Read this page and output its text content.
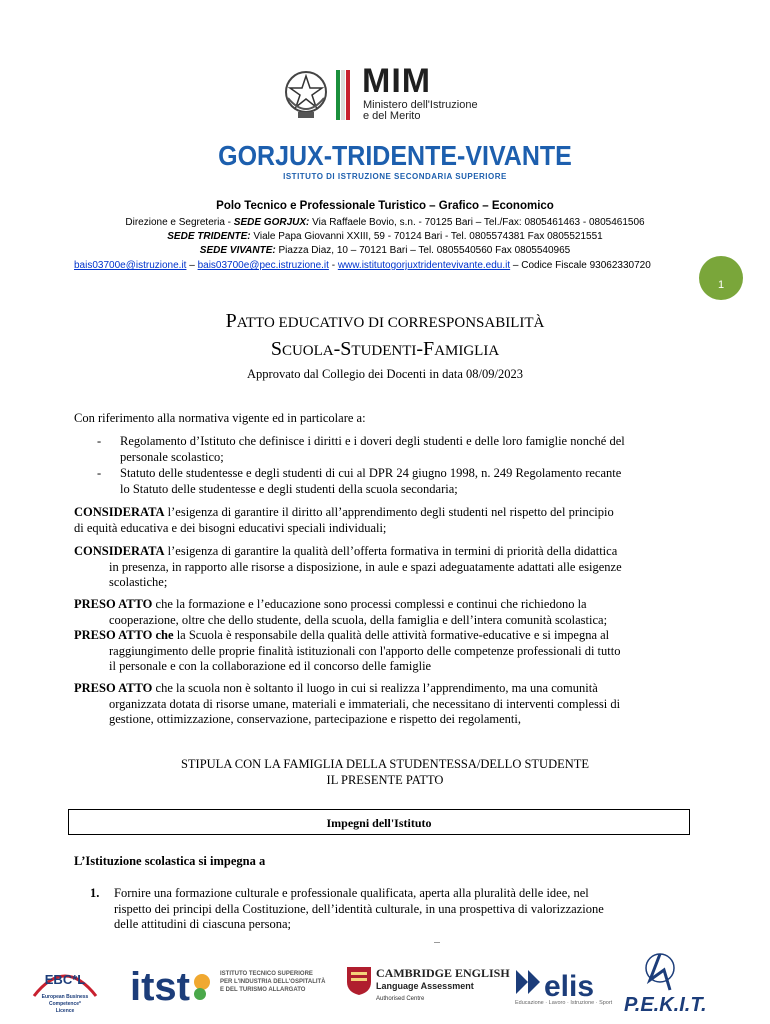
MIM
Ministero dell'Istruzione
e del Merito
GORJUX-TRIDENTE-VIVANTE
ISTITUTO DI ISTRUZIONE SECONDARIA SUPERIORE
Polo Tecnico e Professionale Turistico – Grafico – Economico
Direzione e Segreteria - SEDE GORJUX: Via Raffaele Bovio, s.n. - 70125 Bari – Tel./Fax: 0805461463 - 0805461506
SEDE TRIDENTE: Viale Papa Giovanni XXIII, 59 - 70124 Bari - Tel. 0805574381 Fax 0805521551
SEDE VIVANTE: Piazza Diaz, 10 – 70121 Bari – Tel. 0805540560 Fax 0805540965
bais03700e@istruzione.it – bais03700e@pec.istruzione.it - www.istitutogorjuxtridentevivante.edu.it – Codice Fiscale 93062330720
1
PATTO EDUCATIVO DI CORRESPONSABILITÀ
SCUOLA-STUDENTI-FAMIGLIA
Approvato dal Collegio dei Docenti in data 08/09/2023
Con riferimento alla normativa vigente ed in particolare a:
- Regolamento d’Istituto che definisce i diritti e i doveri degli studenti e delle loro famiglie nonché del
personale scolastico;
- Statuto delle studentesse e degli studenti di cui al DPR 24 giugno 1998, n. 249 Regolamento recante
lo Statuto delle studentesse e degli studenti della scuola secondaria;
CONSIDERATA l’esigenza di garantire il diritto all’apprendimento degli studenti nel rispetto del principio
di equità educativa e dei bisogni educativi speciali individuali;
CONSIDERATA l’esigenza di garantire la qualità dell’offerta formativa in termini di priorità della didattica
in presenza, in rapporto alle risorse a disposizione, in aule e spazi adeguatamente adattati alle esigenze
scolastiche;
PRESO ATTO che la formazione e l’educazione sono processi complessi e continui che richiedono la
cooperazione, oltre che dello studente, della scuola, della famiglia e dell’intera comunità scolastica;
PRESO ATTO che la Scuola è responsabile della qualità delle attività formative-educative e si impegna al
raggiungimento delle proprie finalità istituzionali con l'apporto delle competenze professionali di tutto
il personale e con la collaborazione ed il concorso delle famiglie
PRESO ATTO che la scuola non è soltanto il luogo in cui si realizza l’apprendimento, ma una comunità
organizzata dotata di risorse umane, materiali e immateriali, che necessitano di interventi complessi di
gestione, ottimizzazione, conservazione, partecipazione e rispetto dei regolamenti,
STIPULA CON LA FAMIGLIA DELLA STUDENTESSA/DELLO STUDENTE
IL PRESENTE PATTO
Impegni dell'Istituto
L’Istituzione scolastica si impegna a
1. Fornire una formazione culturale e professionale qualificata, aperta alla pluralità delle idee, nel
rispetto dei principi della Costituzione, dell’identità culturale, in una prospettiva di valorizzazione
delle attitudini di ciascuna persona;
EBC*L
European Business
Competence*
Licence
itst	ISTITUTO TECNICO SUPERIORE
PER L'INDUSTRIA DELL'OSPITALITÀ
E DEL TURISMO ALLARGATO
CAMBRIDGE ENGLISH
Language Assessment
Authorised Centre	elis
Educazione · Lavoro · Istruzione · Sport P.E.K.I.T.
